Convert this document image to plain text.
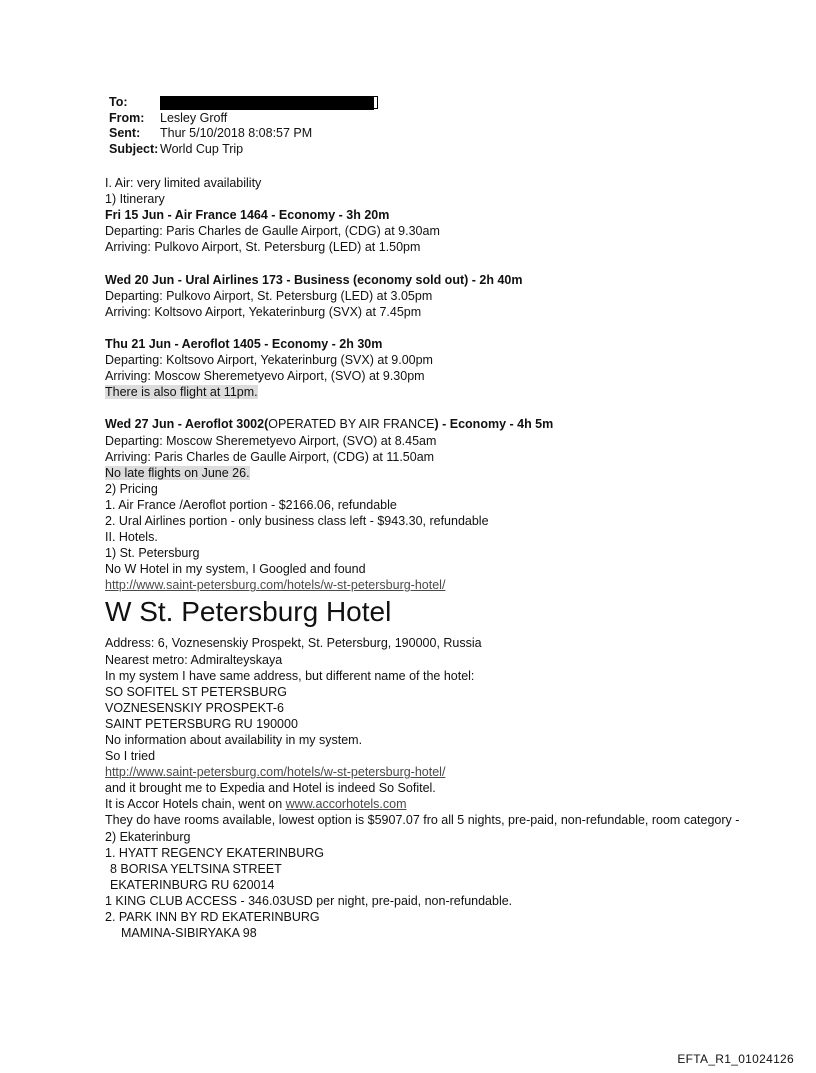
To:
From:	Lesley Groff
Sent:	Thur 5/10/2018 8:08:57 PM
Subject: World Cup Trip
I. Air: very limited availability
1) Itinerary
Fri 15 Jun - Air France 1464 - Economy - 3h 20m
Departing: Paris Charles de Gaulle Airport, (CDG) at 9.30am
Arriving: Pulkovo Airport, St. Petersburg (LED) at 1.50pm
Wed 20 Jun - Ural Airlines 173 - Business (economy sold out) - 2h 40m
Departing: Pulkovo Airport, St. Petersburg (LED) at 3.05pm
Arriving: Koltsovo Airport, Yekaterinburg (SVX) at 7.45pm
Thu 21 Jun - Aeroflot 1405 - Economy - 2h 30m
Departing: Koltsovo Airport, Yekaterinburg (SVX) at 9.00pm
Arriving: Moscow Sheremetyevo Airport, (SVO) at 9.30pm
There is also flight at 11pm.
Wed 27 Jun - Aeroflot 3002(OPERATED BY AIR FRANCE) - Economy - 4h 5m
Departing: Moscow Sheremetyevo Airport, (SVO) at 8.45am
Arriving: Paris Charles de Gaulle Airport, (CDG) at 11.50am
No late flights on June 26.
2) Pricing
1. Air France /Aeroflot portion - $2166.06, refundable
2. Ural Airlines portion - only business class left - $943.30, refundable
II. Hotels.
1) St. Petersburg
No W Hotel in my system, I Googled and found
http://www.saint-petersburg.com/hotels/w-st-petersburg-hotel/
W St. Petersburg Hotel
Address: 6, Voznesenskiy Prospekt, St. Petersburg, 190000, Russia
Nearest metro: Admiralteyskaya
In my system I have same address, but different name of the hotel:
SO SOFITEL ST PETERSBURG
VOZNESENSKIY PROSPEKT-6
SAINT PETERSBURG RU 190000
No information about availability in my system.
So I tried
http://www.saint-petersburg.com/hotels/w-st-petersburg-hotel/
and it brought me to Expedia and Hotel is indeed So Sofitel.
It is Accor Hotels chain, went on www.accorhotels.com
They do have rooms available, lowest option is $5907.07 fro all 5 nights, pre-paid, non-refundable, room category -
2) Ekaterinburg
1. HYATT REGENCY EKATERINBURG
8 BORISA YELTSINA STREET
EKATERINBURG RU 620014
1 KING CLUB ACCESS - 346.03USD per night, pre-paid, non-refundable.
2. PARK INN BY RD EKATERINBURG
MAMINA-SIBIRYAKA 98
EFTA_R1_01024126
